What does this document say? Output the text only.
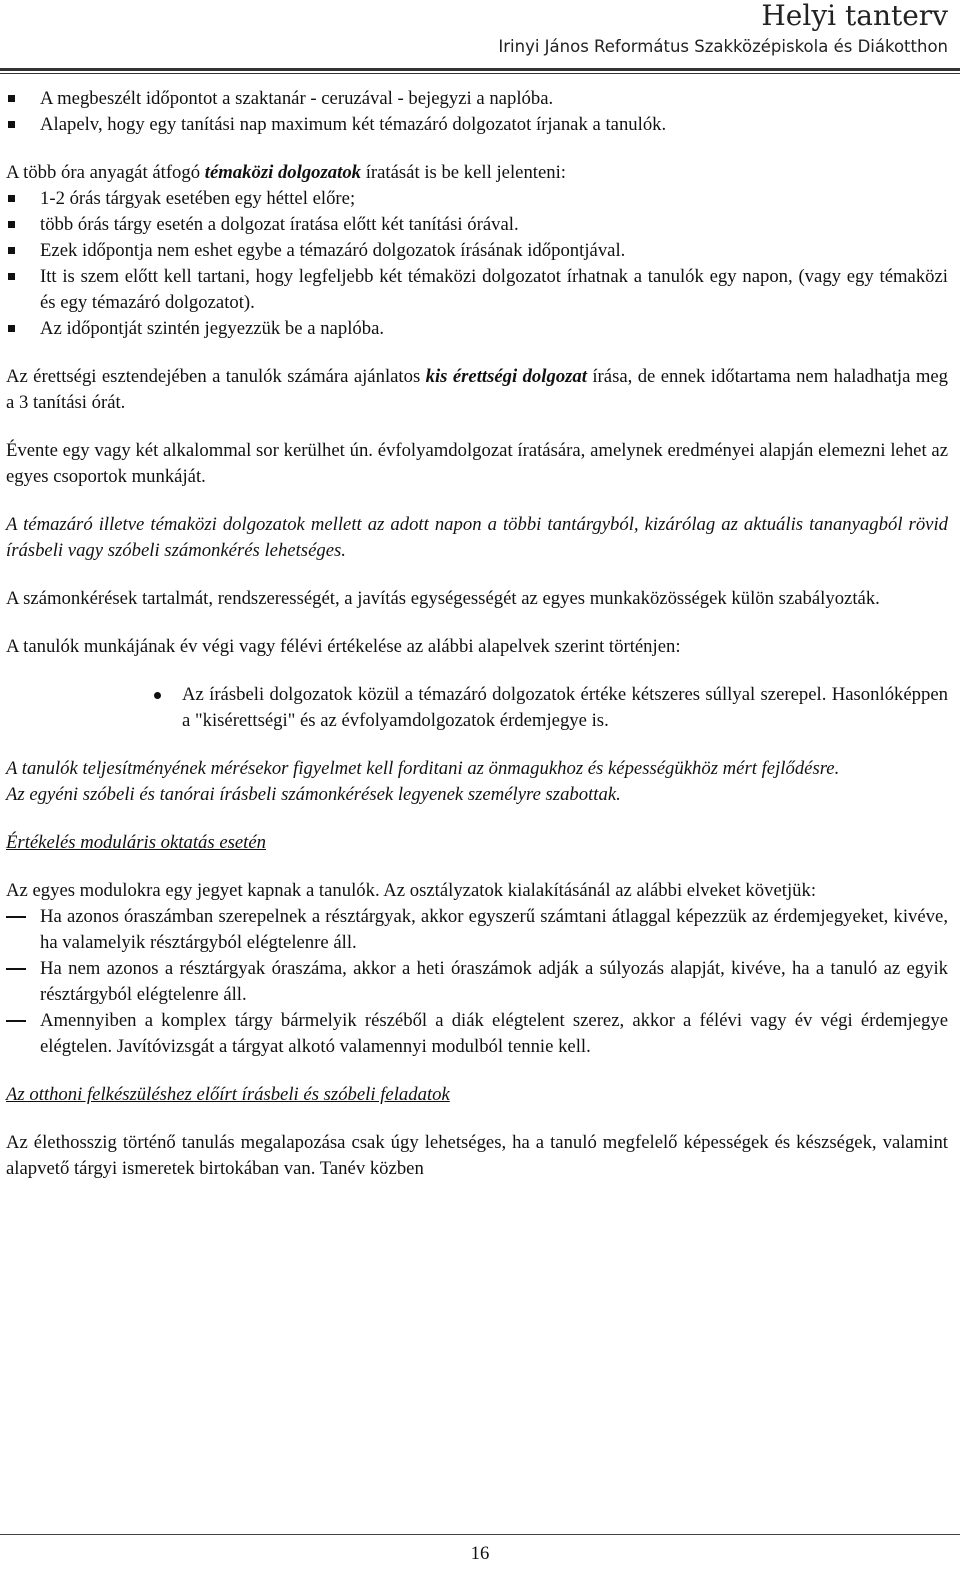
Helyi tanterv
Irinyi János Református Szakközépiskola és Diákotthon
A megbeszélt időpontot a szaktanár - ceruzával - bejegyzi a naplóba.
Alapelv, hogy egy tanítási nap maximum két témazáró dolgozatot írjanak a tanulók.

A több óra anyagát átfogó témaközi dolgozatok íratását is be kell jelenteni:

1-2 órás tárgyak esetében egy héttel előre;
több órás tárgy esetén a dolgozat íratása előtt két tanítási órával.
Ezek időpontja nem eshet egybe a témazáró dolgozatok írásának időpontjával.
Itt is szem előtt kell tartani, hogy legfeljebb két témaközi dolgozatot írhatnak a tanulók egy napon, (vagy egy témaközi és egy témazáró dolgozatot).
Az időpontját szintén jegyezzük be a naplóba.

Az érettségi esztendejében a tanulók számára ajánlatos kis érettségi dolgozat írása, de ennek időtartama nem haladhatja meg a 3 tanítási órát.

Évente egy vagy két alkalommal sor kerülhet ún. évfolyamdolgozat íratására, amelynek eredményei alapján elemezni lehet az egyes csoportok munkáját.

A témazáró illetve témaközi dolgozatok mellett az adott napon a többi tantárgyból, kizárólag az aktuális tananyagból rövid írásbeli vagy szóbeli számonkérés lehetséges.

A számonkérések tartalmát, rendszerességét, a javítás egységességét az egyes munkaközösségek külön szabályozták.

A tanulók munkájának év végi vagy félévi értékelése az alábbi alapelvek szerint történjen:

Az írásbeli dolgozatok közül a témazáró dolgozatok értéke kétszeres súllyal szerepel. Hasonlóképpen a "kisérettségi" és az évfolyamdolgozatok érdemjegye is.

A tanulók teljesítményének mérésekor figyelmet kell forditani az önmagukhoz és képességükhöz mért fejlődésre.

Az egyéni szóbeli és tanórai írásbeli számonkérések legyenek személyre szabottak.

Értékelés moduláris oktatás esetén

Az egyes modulokra egy jegyet kapnak a tanulók. Az osztályzatok kialakításánál az alábbi elveket követjük:

Ha azonos óraszámban szerepelnek a résztárgyak, akkor egyszerű számtani átlaggal képezzük az érdemjegyeket, kivéve, ha valamelyik résztárgyból elégtelenre áll.
Ha nem azonos a résztárgyak óraszáma, akkor a heti óraszámok adják a súlyozás alapját, kivéve, ha a tanuló az egyik résztárgyból elégtelenre áll.
Amennyiben a komplex tárgy bármelyik részéből a diák elégtelent szerez, akkor a félévi vagy év végi érdemjegye elégtelen. Javítóvizsgát a tárgyat alkotó valamennyi modulból tennie kell.

Az otthoni felkészüléshez előírt írásbeli és szóbeli feladatok

Az élethosszig történő tanulás megalapozása csak úgy lehetséges, ha a tanuló megfelelő képességek és készségek, valamint alapvető tárgyi ismeretek birtokában van. Tanév közben

16
